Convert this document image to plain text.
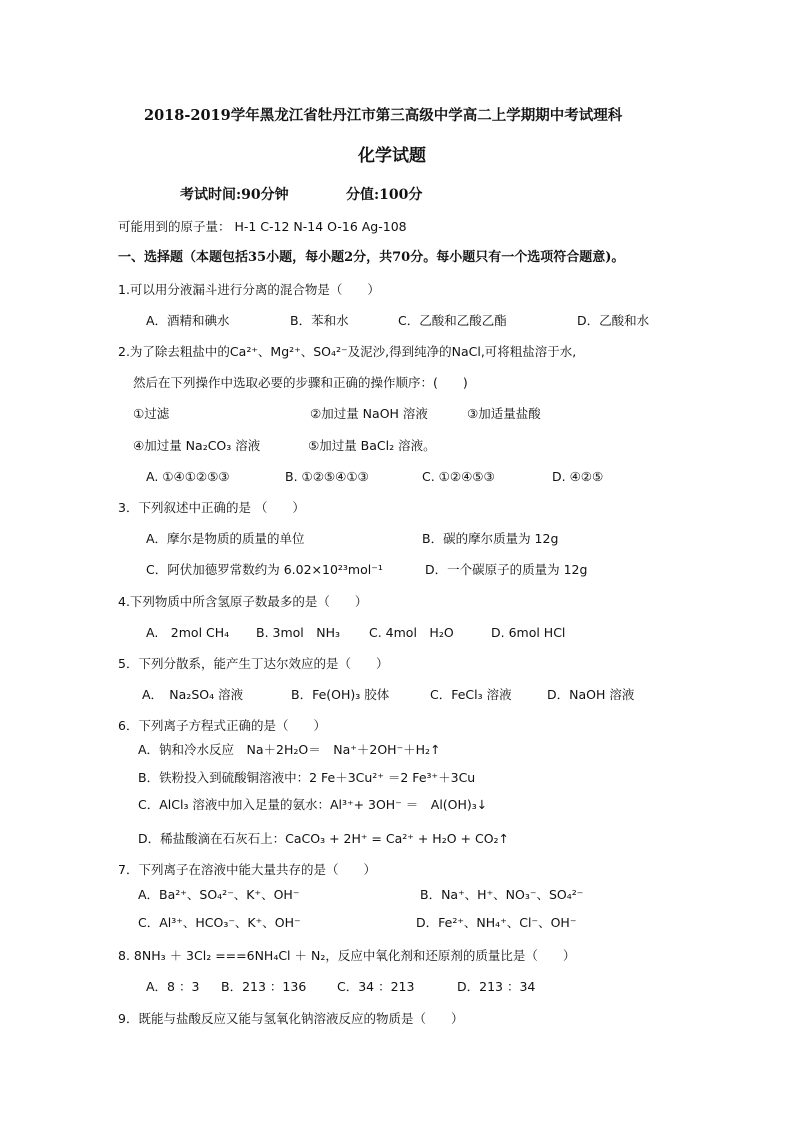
2018-2019学年黑龙江省牡丹江市第三高级中学高二上学期期中考试理科
化学试题
考试时间:90分钟	分值:100分
可能用到的原子量： H-1 C-12 N-14 O-16 Ag-108
一、选择题（本题包括35小题，每小题2分，共70分。每小题只有一个选项符合题意)。
1.可以用分液漏斗进行分离的混合物是（　　）
A．酒精和碘水	B．苯和水	C．乙酸和乙酸乙酯	D．乙酸和水
2.为了除去粗盐中的Ca²⁺、Mg²⁺、SO₄²⁻及泥沙,得到纯净的NaCl,可将粗盐溶于水,
然后在下列操作中选取必要的步骤和正确的操作顺序：(　　)
①过滤	②加过量 NaOH 溶液	③加适量盐酸
④加过量 Na₂CO₃ 溶液	⑤加过量 BaCl₂ 溶液。
A. ①④①②⑤③	B. ①②⑤④①③	C. ①②④⑤③	D. ④②⑤
3．下列叙述中正确的是 （　　）
A．摩尔是物质的质量的单位	B．碳的摩尔质量为 12g
C．阿伏加德罗常数约为 6.02×10²³mol⁻¹	D．一个碳原子的质量为 12g
4.下列物质中所含氢原子数最多的是（　　）
A.　2mol CH₄ B. 3mol　NH₃ C. 4mol　H₂O	D. 6mol HCl
5．下列分散系，能产生丁达尔效应的是（　　）
A．　Na₂SO₄ 溶液	B．Fe(OH)₃ 胶体	C．FeCl₃ 溶液	D．NaOH 溶液
6．下列离子方程式正确的是（　　）
A．钠和冷水反应　Na＋2H₂O＝　Na⁺＋2OH⁻＋H₂↑
B．铁粉投入到硫酸铜溶液中：2 Fe＋3Cu²⁺ ＝2 Fe³⁺＋3Cu
C．AlCl₃ 溶液中加入足量的氨水：Al³⁺+ 3OH⁻ ＝　Al(OH)₃↓
D．稀盐酸滴在石灰石上：CaCO₃ + 2H⁺ = Ca²⁺ + H₂O + CO₂↑
7．下列离子在溶液中能大量共存的是（　　）
A．Ba²⁺、SO₄²⁻、K⁺、OH⁻	B．Na⁺、H⁺、NO₃⁻、SO₄²⁻
C．Al³⁺、HCO₃⁻、K⁺、OH⁻	D．Fe²⁺、NH₄⁺、Cl⁻、OH⁻
8. 8NH₃ ＋ 3Cl₂ ===6NH₄Cl ＋ N₂，反应中氧化剂和还原剂的质量比是（　　）
A．8 ：3 B．213 ：136 C．34 ：213	D．213 ：34
9．既能与盐酸反应又能与氢氧化钠溶液反应的物质是（　　）
